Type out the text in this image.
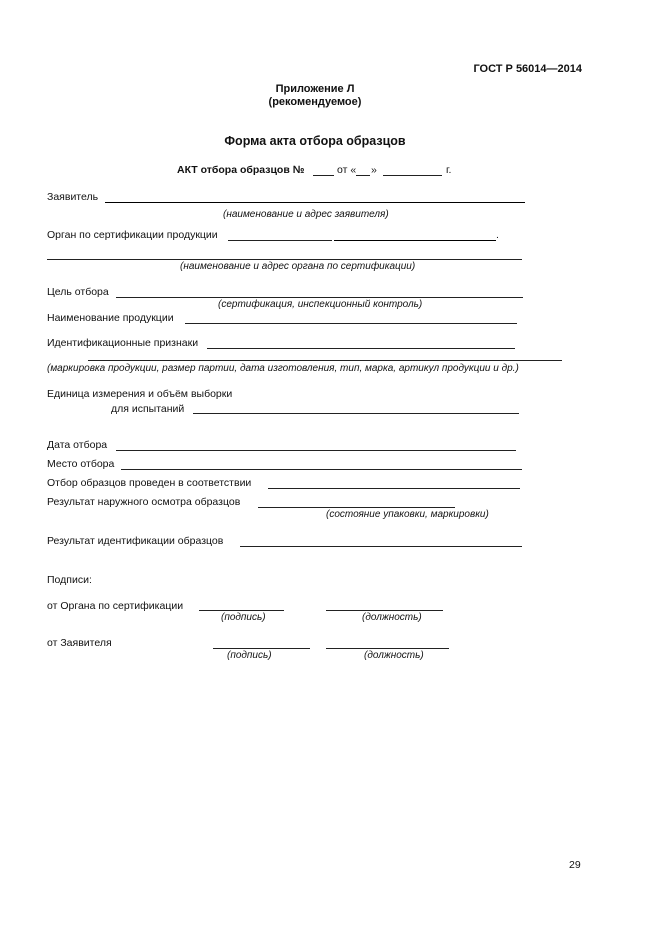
ГОСТ Р 56014—2014
Приложение Л
(рекомендуемое)
Форма акта отбора образцов
АКТ отбора образцов №	от « »	г.
Заявитель
(наименование и адрес заявителя)
Орган по сертификации продукции	.
(наименование и адрес органа по сертификации)
Цель отбора
(сертификация, инспекционный контроль)
Наименование продукции
Идентификационные признаки
(маркировка продукции, размер партии, дата изготовления, тип, марка, артикул продукции и др.)
Единица измерения и объём выборки
для испытаний
Дата отбора
Место отбора
Отбор образцов проведен в соответствии
Результат наружного осмотра образцов
(состояние упаковки, маркировки)
Результат идентификации образцов
Подписи:
от Органа по сертификации
(подпись)	(должность)
от Заявителя
(подпись)	(должность)
29
